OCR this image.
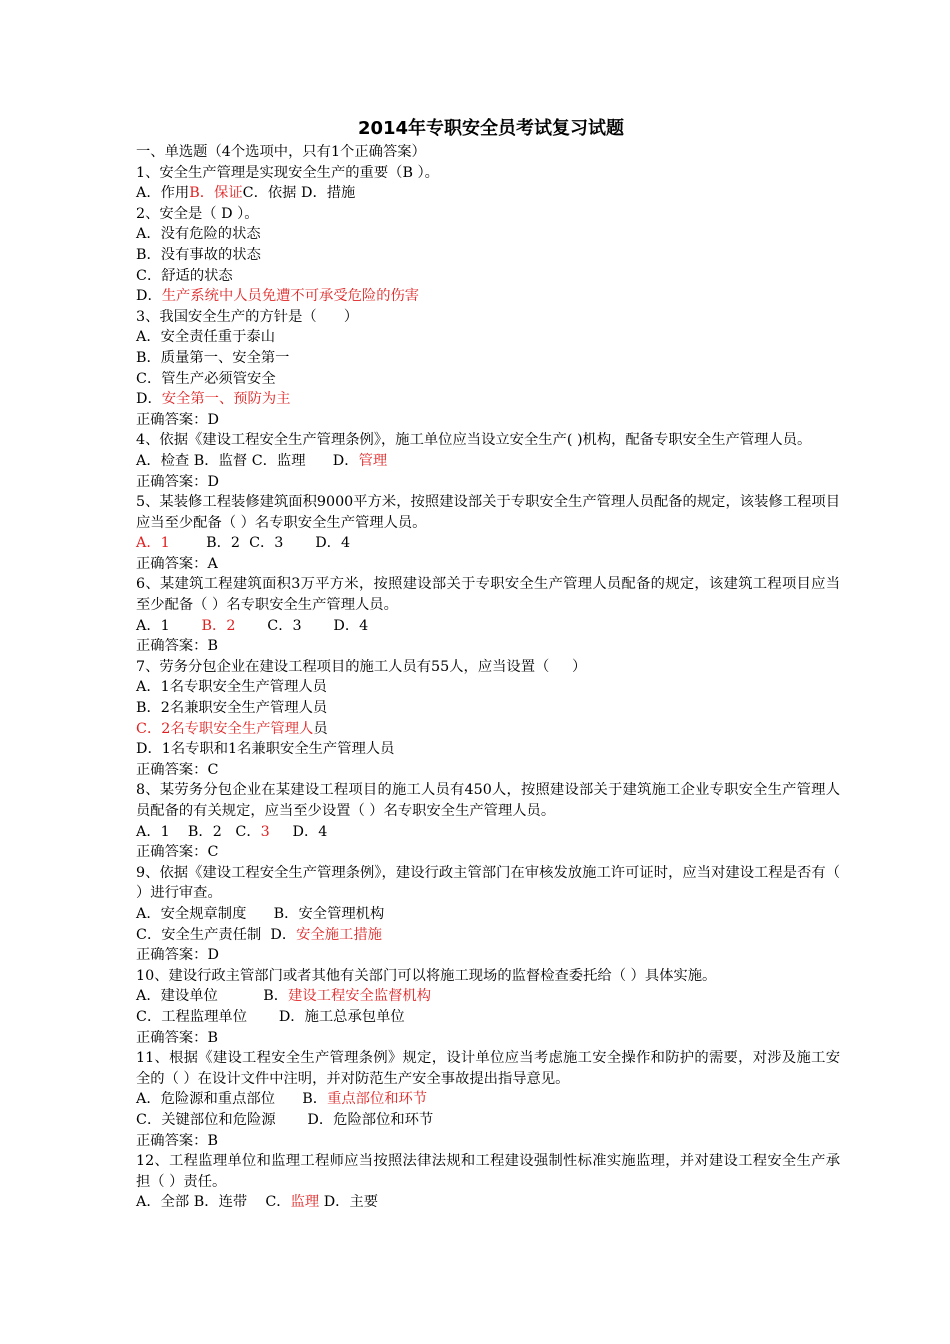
2014年专职安全员考试复习试题
一、单选题（4个选项中，只有1个正确答案）
1、安全生产管理是实现安全生产的重要（B ）。
A．作用B．保证C．依据 D．措施
2、安全是（ D ）。
A．没有危险的状态
B．没有事故的状态
C．舒适的状态
D．生产系统中人员免遭不可承受危险的伤害
3、我国安全生产的方针是（      ）
A．安全责任重于泰山
B．质量第一、安全第一
C．管生产必须管安全
D．安全第一、预防为主
正确答案：D
4、依据《建设工程安全生产管理条例》，施工单位应当设立安全生产( )机构，配备专职安全生产管理人员。
A．检查 B．监督 C．监理      D．管理
正确答案：D
5、某装修工程装修建筑面积9000平方米，按照建设部关于专职安全生产管理人员配备的规定，该装修工程项目应当至少配备（ ）名专职安全生产管理人员。
A．1        B．2  C．3       D．4
正确答案：A
6、某建筑工程建筑面积3万平方米，按照建设部关于专职安全生产管理人员配备的规定，该建筑工程项目应当至少配备（ ）名专职安全生产管理人员。
A．1       B．2       C．3       D．4
正确答案：B
7、劳务分包企业在建设工程项目的施工人员有55人，应当设置（     ）
A．1名专职安全生产管理人员
B．2名兼职安全生产管理人员
C．2名专职安全生产管理人员
D．1名专职和1名兼职安全生产管理人员
正确答案：C
8、某劳务分包企业在某建设工程项目的施工人员有450人，按照建设部关于建筑施工企业专职安全生产管理人员配备的有关规定，应当至少设置（ ）名专职安全生产管理人员。
A．1    B．2   C．3     D．4
正确答案：C
9、依据《建设工程安全生产管理条例》，建设行政主管部门在审核发放施工许可证时，应当对建设工程是否有（ ）进行审查。
A．安全规章制度      B．安全管理机构
C．安全生产责任制  D．安全施工措施
正确答案：D
10、建设行政主管部门或者其他有关部门可以将施工现场的监督检查委托给（ ）具体实施。
A．建设单位          B．建设工程安全监督机构
C．工程监理单位       D．施工总承包单位
正确答案：B
11、根据《建设工程安全生产管理条例》规定，设计单位应当考虑施工安全操作和防护的需要，对涉及施工安全的（ ）在设计文件中注明，并对防范生产安全事故提出指导意见。
A．危险源和重点部位      B．重点部位和环节
C．关键部位和危险源       D．危险部位和环节
正确答案：B
12、工程监理单位和监理工程师应当按照法律法规和工程建设强制性标准实施监理，并对建设工程安全生产承担（ ）责任。
A．全部 B．连带    C．监理 D．主要
